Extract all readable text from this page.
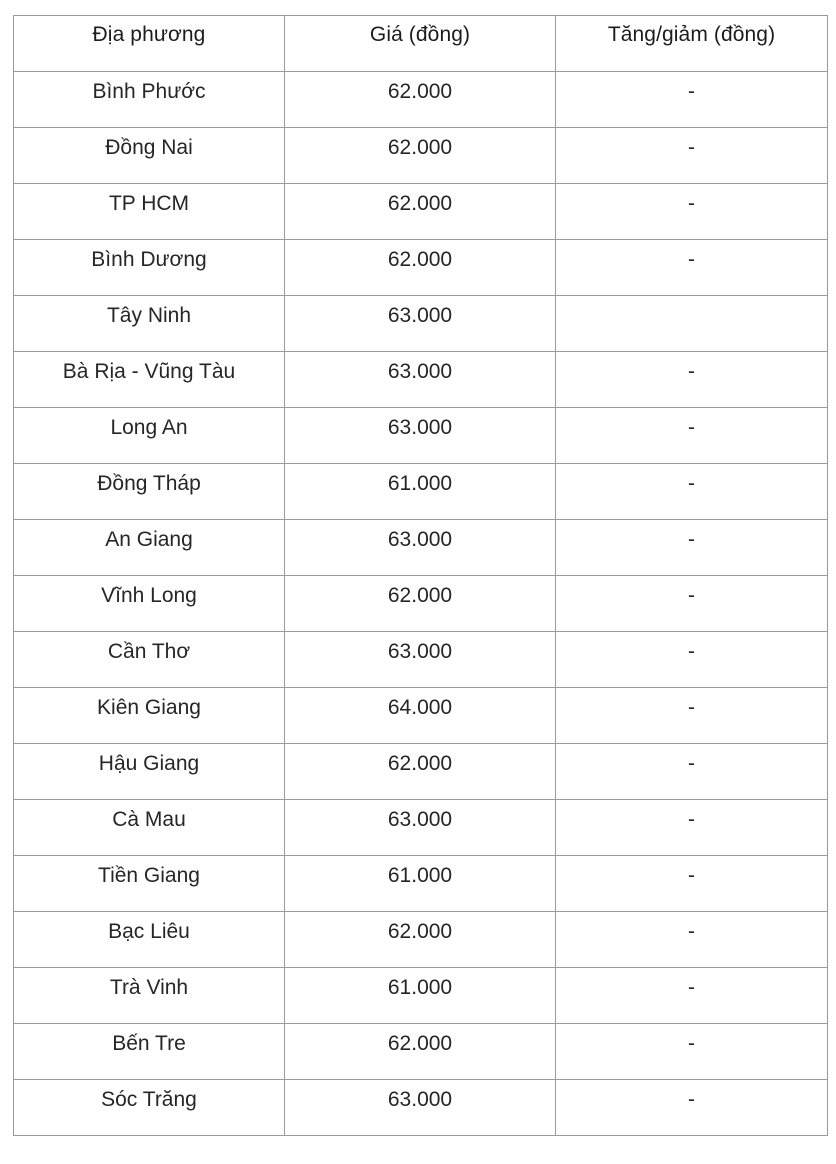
Địa phương	Giá (đồng)	Tăng/giảm (đồng)
Bình Phước	62.000	-
Đồng Nai	62.000	-
TP HCM	62.000	-
Bình Dương	62.000	-
Tây Ninh	63.000	
Bà Rịa - Vũng Tàu	63.000	-
Long An	63.000	-
Đồng Tháp	61.000	-
An Giang	63.000	-
Vĩnh Long	62.000	-
Cần Thơ	63.000	-
Kiên Giang	64.000	-
Hậu Giang	62.000	-
Cà Mau	63.000	-
Tiền Giang	61.000	-
Bạc Liêu	62.000	-
Trà Vinh	61.000	-
Bến Tre	62.000	-
Sóc Trăng	63.000	-
